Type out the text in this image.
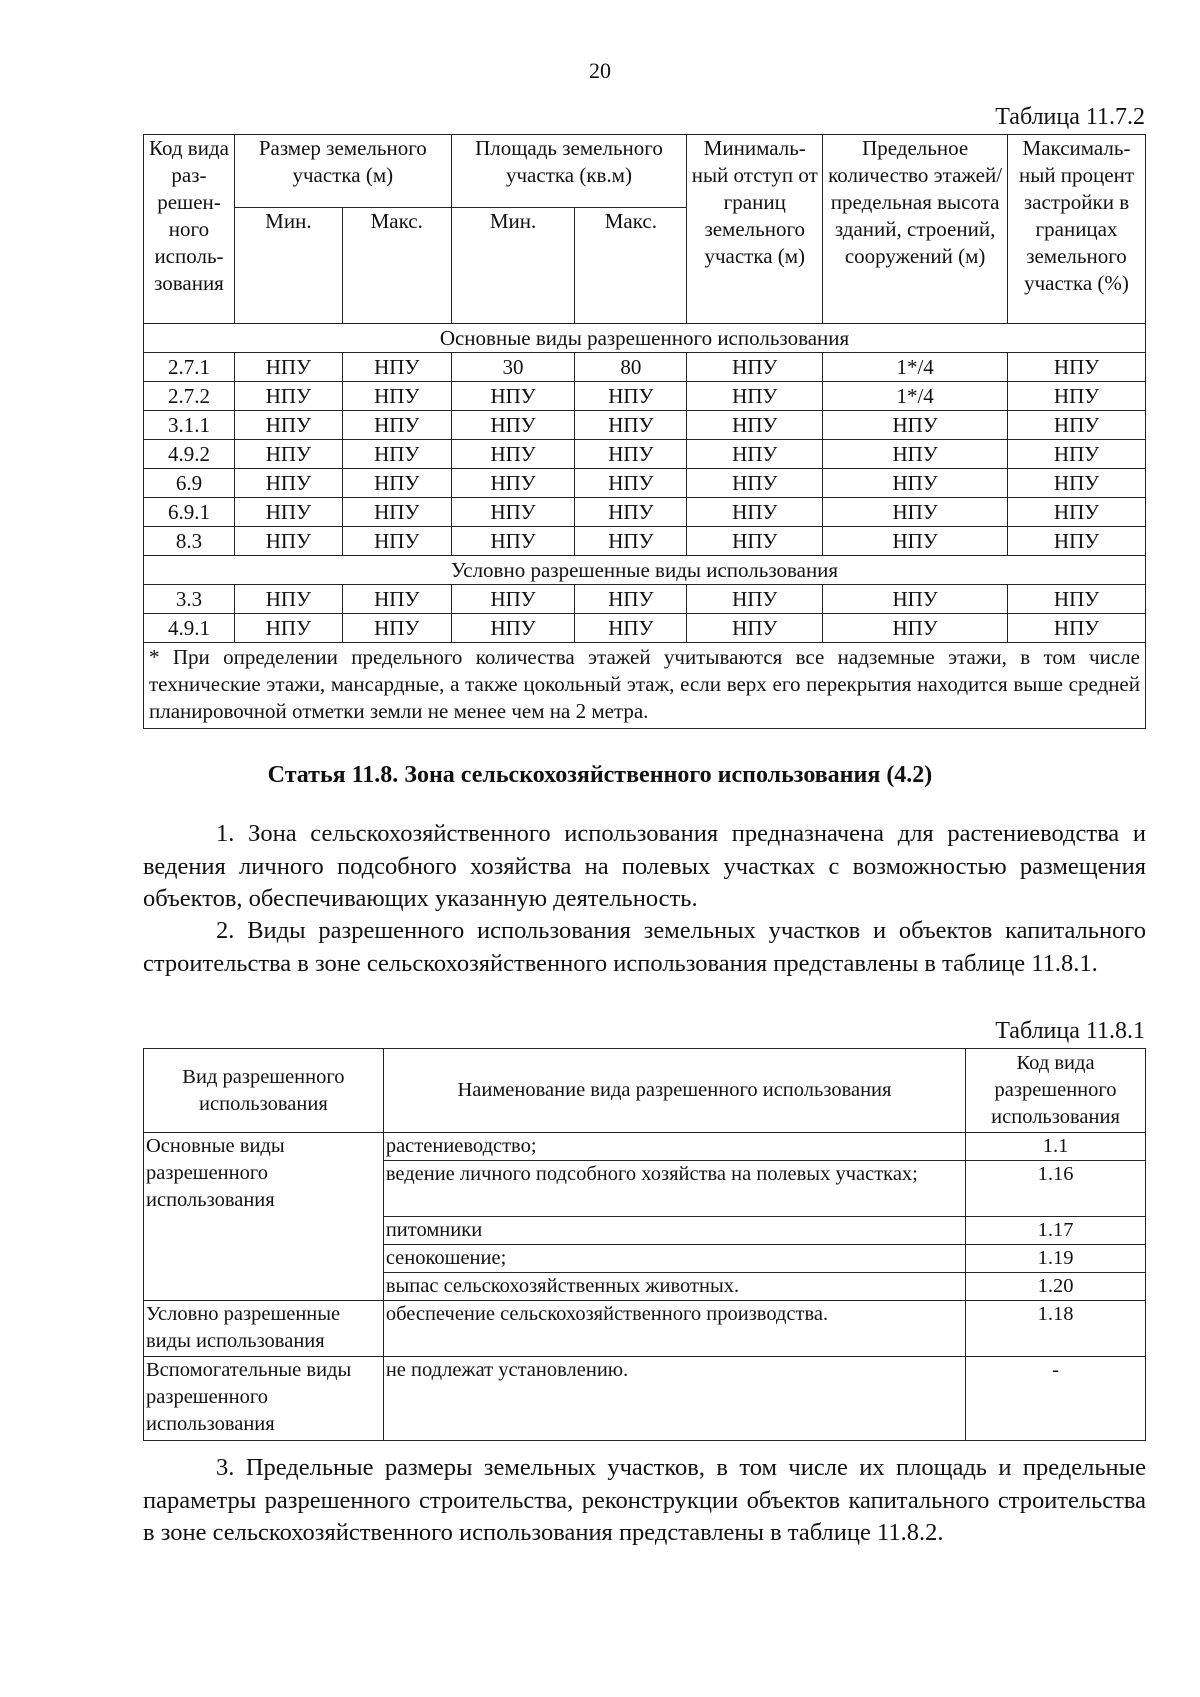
20
Таблица 11.7.2
Код вида раз- решен- ного исполь- зования	Размер земельного участка (м)		Площадь земельного участка (кв.м)		Минималь- ный отступ от границ земельного участка (м)	Предельное количество этажей/ предельная высота зданий, строений, сооружений (м)	Максималь- ный процент застройки в границах земельного участка (%)
	Мин.	Макс.	Мин.	Макс.			
Основные виды разрешенного использования							
2.7.1	НПУ	НПУ	30	80	НПУ	1*/4	НПУ
2.7.2	НПУ	НПУ	НПУ	НПУ	НПУ	1*/4	НПУ
3.1.1	НПУ	НПУ	НПУ	НПУ	НПУ	НПУ	НПУ
4.9.2	НПУ	НПУ	НПУ	НПУ	НПУ	НПУ	НПУ
6.9	НПУ	НПУ	НПУ	НПУ	НПУ	НПУ	НПУ
6.9.1	НПУ	НПУ	НПУ	НПУ	НПУ	НПУ	НПУ
8.3	НПУ	НПУ	НПУ	НПУ	НПУ	НПУ	НПУ
Условно разрешенные виды использования							
3.3	НПУ	НПУ	НПУ	НПУ	НПУ	НПУ	НПУ
4.9.1	НПУ	НПУ	НПУ	НПУ	НПУ	НПУ	НПУ
* При определении предельного количества этажей учитываются все надземные этажи, в том числе технические этажи, мансардные, а также цокольный этаж, если верх его перекрытия находится выше средней планировочной отметки земли не менее чем на 2 метра.							
Статья 11.8. Зона сельскохозяйственного использования (4.2)

1. Зона сельскохозяйственного использования предназначена для растениеводства и ведения личного подсобного хозяйства на полевых участках с возможностью размещения объектов, обеспечивающих указанную деятельность.

2. Виды разрешенного использования земельных участков и объектов капитального строительства в зоне сельскохозяйственного использования представлены в таблице 11.8.1.

Таблица 11.8.1
Вид разрешенного использования	Наименование вида разрешенного использования	Код вида разрешенного использования
Основные виды разрешенного использования	растениеводство;	1.1
	ведение личного подсобного хозяйства на полевых участках;	1.16
	питомники	1.17
	сенокошение;	1.19
	выпас сельскохозяйственных животных.	1.20
Условно разрешенные виды использования	обеспечение сельскохозяйственного производства.	1.18
Вспомогательные виды разрешенного использования	не подлежат установлению.	-

3. Предельные размеры земельных участков, в том числе их площадь и предельные параметры разрешенного строительства, реконструкции объектов капитального строительства в зоне сельскохозяйственного использования представлены в таблице 11.8.2.
